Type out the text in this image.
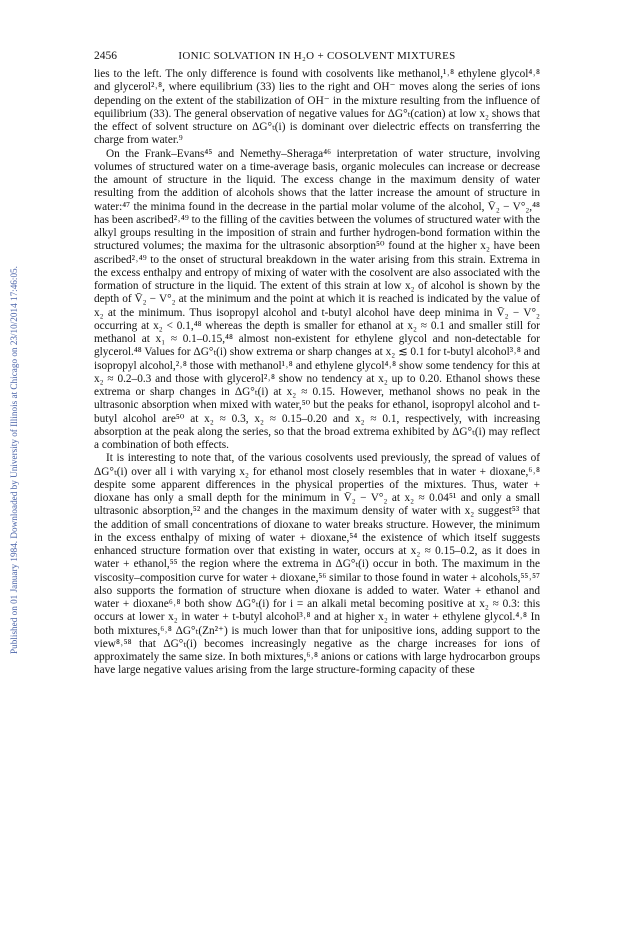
Published on 01 January 1984. Downloaded by University of Illinois at Chicago on 23/10/2014 17:46:05.
2456	IONIC SOLVATION IN H₂O + COSOLVENT MIXTURES

lies to the left. The only difference is found with cosolvents like methanol,¹˒⁸ ethylene glycol⁴˒⁸ and glycerol²˒⁸, where equilibrium (33) lies to the right and OH⁻ moves along the series of ions depending on the extent of the stabilization of OH⁻ in the mixture resulting from the influence of equilibrium (33). The general observation of negative values for ΔG°ₜ(cation) at low x₂ shows that the effect of solvent structure on ΔG°ₜ(i) is dominant over dielectric effects on transferring the charge from water.⁹

On the Frank–Evans⁴⁵ and Nemethy–Sheraga⁴⁶ interpretation of water structure, involving volumes of structured water on a time-average basis, organic molecules can increase or decrease the amount of structure in the liquid. The excess change in the maximum density of water resulting from the addition of alcohols shows that the latter increase the amount of structure in water:⁴⁷ the minima found in the decrease in the partial molar volume of the alcohol, V̄₂ − V°₂,⁴⁸ has been ascribed²˒⁴⁹ to the filling of the cavities between the volumes of structured water with the alkyl groups resulting in the imposition of strain and further hydrogen-bond formation within the structured volumes; the maxima for the ultrasonic absorption⁵⁰ found at the higher x₂ have been ascribed²˒⁴⁹ to the onset of structural breakdown in the water arising from this strain. Extrema in the excess enthalpy and entropy of mixing of water with the cosolvent are also associated with the formation of structure in the liquid. The extent of this strain at low x₂ of alcohol is shown by the depth of V̄₂ − V°₂ at the minimum and the point at which it is reached is indicated by the value of x₂ at the minimum. Thus isopropyl alcohol and t-butyl alcohol have deep minima in V̄₂ − V°₂ occurring at x₂ < 0.1,⁴⁸ whereas the depth is smaller for ethanol at x₂ ≈ 0.1 and smaller still for methanol at x₁ ≈ 0.1–0.15,⁴⁸ almost non-existent for ethylene glycol and non-detectable for glycerol.⁴⁸ Values for ΔG°ₜ(i) show extrema or sharp changes at x₂ ≲ 0.1 for t-butyl alcohol³˒⁸ and isopropyl alcohol,²˒⁸ those with methanol¹˒⁸ and ethylene glycol⁴˒⁸ show some tendency for this at x₂ ≈ 0.2–0.3 and those with glycerol²˒⁸ show no tendency at x₂ up to 0.20. Ethanol shows these extrema or sharp changes in ΔG°ₜ(i) at x₂ ≈ 0.15. However, methanol shows no peak in the ultrasonic absorption when mixed with water,⁵⁰ but the peaks for ethanol, isopropyl alcohol and t-butyl alcohol are⁵⁰ at x₂ ≈ 0.3, x₂ ≈ 0.15–0.20 and x₂ ≈ 0.1, respectively, with increasing absorption at the peak along the series, so that the broad extrema exhibited by ΔG°ₜ(i) may reflect a combination of both effects.

It is interesting to note that, of the various cosolvents used previously, the spread of values of ΔG°ₜ(i) over all i with varying x₂ for ethanol most closely resembles that in water + dioxane,⁶˒⁸ despite some apparent differences in the physical properties of the mixtures. Thus, water + dioxane has only a small depth for the minimum in V̄₂ − V°₂ at x₂ ≈ 0.04⁵¹ and only a small ultrasonic absorption,⁵² and the changes in the maximum density of water with x₂ suggest⁵³ that the addition of small concentrations of dioxane to water breaks structure. However, the minimum in the excess enthalpy of mixing of water + dioxane,⁵⁴ the existence of which itself suggests enhanced structure formation over that existing in water, occurs at x₂ ≈ 0.15–0.2, as it does in water + ethanol,⁵⁵ the region where the extrema in ΔG°ₜ(i) occur in both. The maximum in the viscosity–composition curve for water + dioxane,⁵⁶ similar to those found in water + alcohols,⁵⁵˒⁵⁷ also supports the formation of structure when dioxane is added to water. Water + ethanol and water + dioxane⁶˒⁸ both show ΔG°ₜ(i) for i = an alkali metal becoming positive at x₂ ≈ 0.3: this occurs at lower x₂ in water + t-butyl alcohol³˒⁸ and at higher x₂ in water + ethylene glycol.⁴˒⁸ In both mixtures,⁶˒⁸ ΔG°ₜ(Zn²⁺) is much lower than that for unipositive ions, adding support to the view⁸˒⁵⁸ that ΔG°ₜ(i) becomes increasingly negative as the charge increases for ions of approximately the same size. In both mixtures,⁶˒⁸ anions or cations with large hydrocarbon groups have large negative values arising from the large structure-forming capacity of these
